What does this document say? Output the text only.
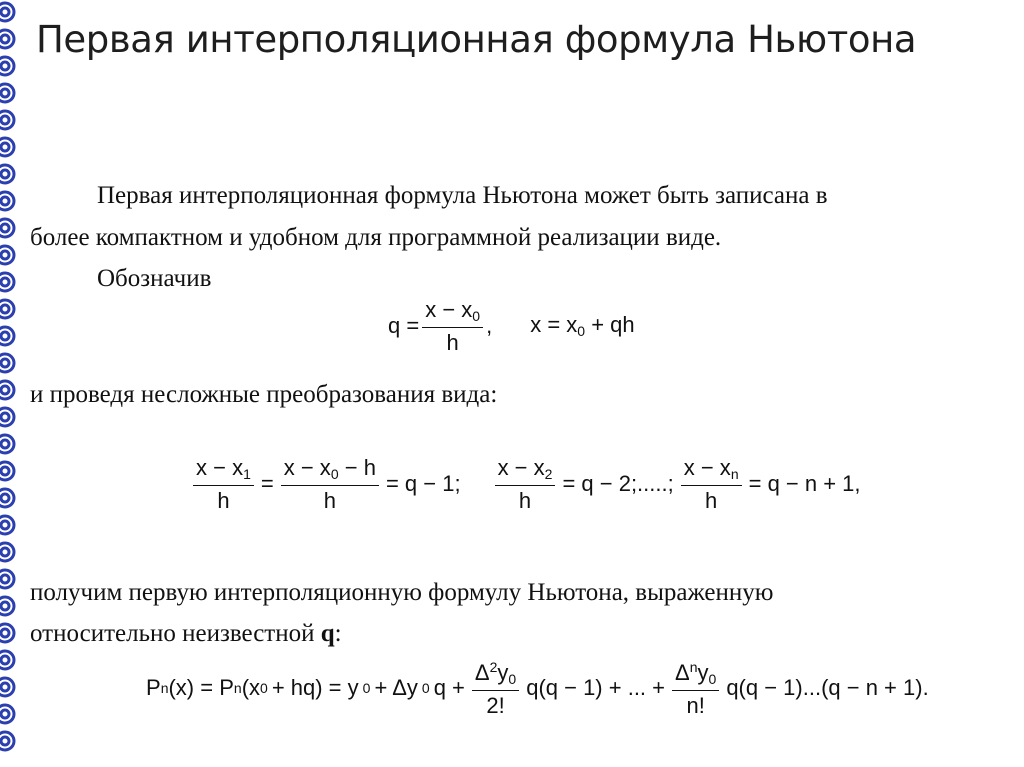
Первая интерполяционная формула Ньютона
Первая интерполяционная формула Ньютона может быть записана в
более компактном и удобном для программной реализации виде.
Обозначив
$q = \frac{x - x_0}{h}$ , $x = x_0$ + qh
и проведя несложные преобразования вида:
$\frac{x - x_1}{h} = \frac{x - x_0 - h}{h} = q - 1$; $\frac{x - x_2}{h} = q - 2$;.....; $\frac{x - x_n}{h} = q - n + 1$,
получим первую интерполяционную формулу Ньютона, выраженную
относительно неизвестной q:
P n (x) = P n (x 0 + hq) = y 0 + Δy 0 $q + \frac{\Delta^2y_0}{2!} q(q - 1)$ + ... + $\frac{\Delta^ny_0}{n!} q(q - 1)...(q - n + 1)$.
